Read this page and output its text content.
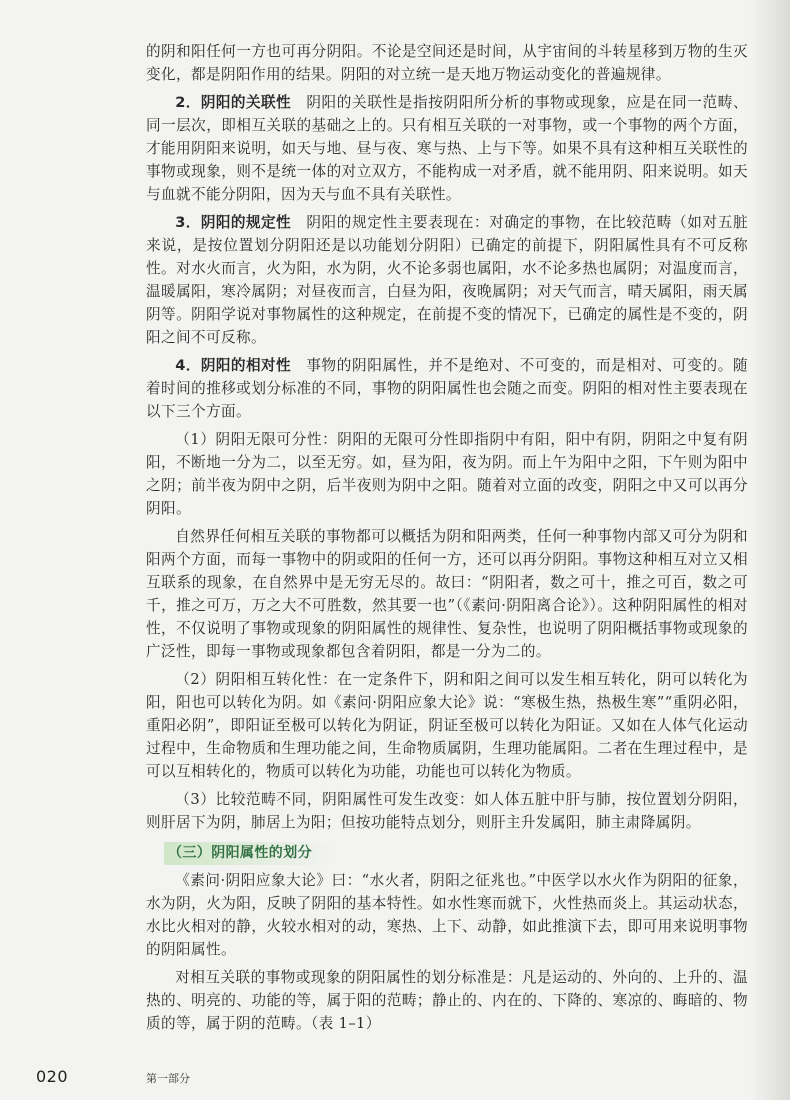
的阴和阳任何一方也可再分阴阳。不论是空间还是时间，从宇宙间的斗转星移到万物的生灭变化，都是阴阳作用的结果。阴阳的对立统一是天地万物运动变化的普遍规律。

2．阴阳的关联性　 阴阳的关联性是指按阴阳所分析的事物或现象，应是在同一范畴、同一层次，即相互关联的基础之上的。只有相互关联的一对事物，或一个事物的两个方面，才能用阴阳来说明，如天与地、昼与夜、寒与热、上与下等。如果不具有这种相互关联性的事物或现象，则不是统一体的对立双方，不能构成一对矛盾，就不能用阴、阳来说明。如天与血就不能分阴阳，因为天与血不具有关联性。

3．阴阳的规定性　 阴阳的规定性主要表现在：对确定的事物，在比较范畴（如对五脏来说，是按位置划分阴阳还是以功能划分阴阳）已确定的前提下，阴阳属性具有不可反称性。对水火而言，火为阳，水为阴，火不论多弱也属阳，水不论多热也属阴；对温度而言，温暖属阳，寒冷属阴；对昼夜而言，白昼为阳，夜晚属阴；对天气而言，晴天属阳，雨天属阴等。阴阳学说对事物属性的这种规定，在前提不变的情况下，已确定的属性是不变的，阴阳之间不可反称。

4．阴阳的相对性　 事物的阴阳属性，并不是绝对、不可变的，而是相对、可变的。随着时间的推移或划分标准的不同，事物的阴阳属性也会随之而变。阴阳的相对性主要表现在以下三个方面。

（1）阴阳无限可分性：阴阳的无限可分性即指阴中有阳，阳中有阴，阴阳之中复有阴阳，不断地一分为二，以至无穷。如，昼为阳，夜为阴。而上午为阳中之阳，下午则为阳中之阴；前半夜为阴中之阴，后半夜则为阴中之阳。随着对立面的改变，阴阳之中又可以再分阴阳。

自然界任何相互关联的事物都可以概括为阴和阳两类，任何一种事物内部又可分为阴和阳两个方面，而每一事物中的阴或阳的任何一方，还可以再分阴阳。事物这种相互对立又相互联系的现象，在自然界中是无穷无尽的。故曰：“阴阳者，数之可十，推之可百，数之可千，推之可万，万之大不可胜数，然其要一也”（《素问·阴阳离合论》）。这种阴阳属性的相对性，不仅说明了事物或现象的阴阳属性的规律性、复杂性，也说明了阴阳概括事物或现象的广泛性，即每一事物或现象都包含着阴阳，都是一分为二的。

（2）阴阳相互转化性：在一定条件下，阴和阳之间可以发生相互转化，阴可以转化为阳，阳也可以转化为阴。如《素问·阴阳应象大论》说：“寒极生热，热极生寒”“重阴必阳，重阳必阴”，即阳证至极可以转化为阴证，阴证至极可以转化为阳证。又如在人体气化运动过程中，生命物质和生理功能之间，生命物质属阴，生理功能属阳。二者在生理过程中，是可以互相转化的，物质可以转化为功能，功能也可以转化为物质。

（3）比较范畴不同，阴阳属性可发生改变：如人体五脏中肝与肺，按位置划分阴阳，则肝居下为阴，肺居上为阳；但按功能特点划分，则肝主升发属阳，肺主肃降属阴。

（三）阴阳属性的划分

《素问·阴阳应象大论》曰：“水火者，阴阳之征兆也。”中医学以水火作为阴阳的征象，水为阴，火为阳，反映了阴阳的基本特性。如水性寒而就下，火性热而炎上。其运动状态，水比火相对的静，火较水相对的动，寒热、上下、动静，如此推演下去，即可用来说明事物的阴阳属性。

对相互关联的事物或现象的阴阳属性的划分标准是：凡是运动的、外向的、上升的、温热的、明亮的、功能的等，属于阳的范畴；静止的、内在的、下降的、寒凉的、晦暗的、物质的等，属于阴的范畴。（表 1–1）

020	第一部分
